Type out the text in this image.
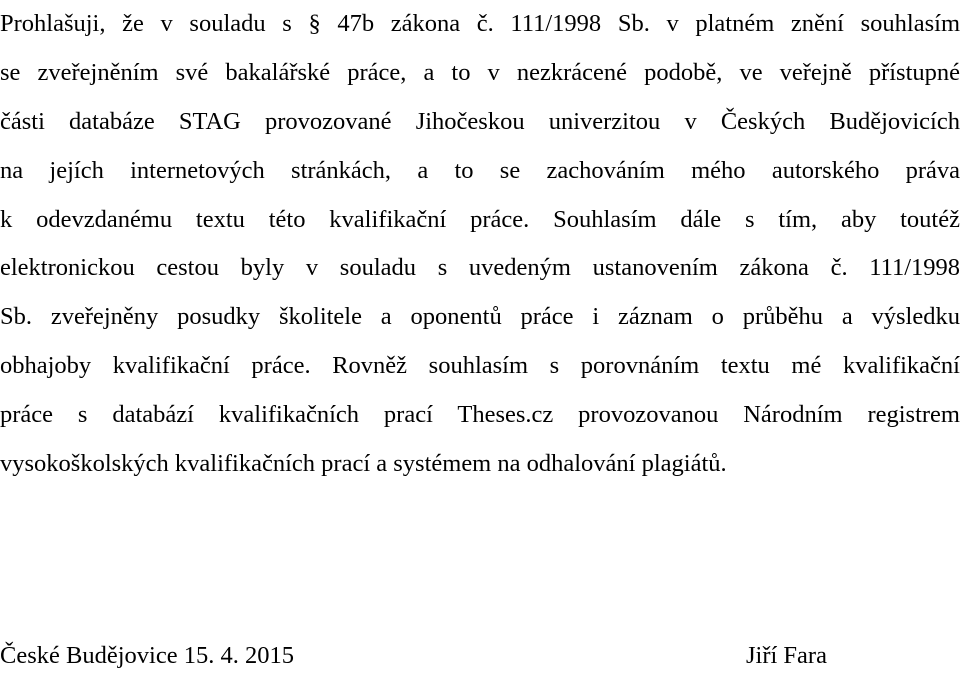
Prohlašuji, že v souladu s § 47b zákona č. 111/1998 Sb. v platném znění souhlasím
se zveřejněním své bakalářské práce, a to v nezkrácené podobě, ve veřejně přístupné
části databáze STAG provozované Jihočeskou univerzitou v Českých Budějovicích
na jejích internetových stránkách, a to se zachováním mého autorského práva
k odevzdanému textu této kvalifikační práce. Souhlasím dále s tím, aby toutéž
elektronickou cestou byly v souladu s uvedeným ustanovením zákona č. 111/1998
Sb. zveřejněny posudky školitele a oponentů práce i záznam o průběhu a výsledku
obhajoby kvalifikační práce. Rovněž souhlasím s porovnáním textu mé kvalifikační
práce s databází kvalifikačních prací Theses.cz provozovanou Národním registrem
vysokoškolských kvalifikačních prací a systémem na odhalování plagiátů.
České Budějovice 15. 4. 2015	Jiří Fara
